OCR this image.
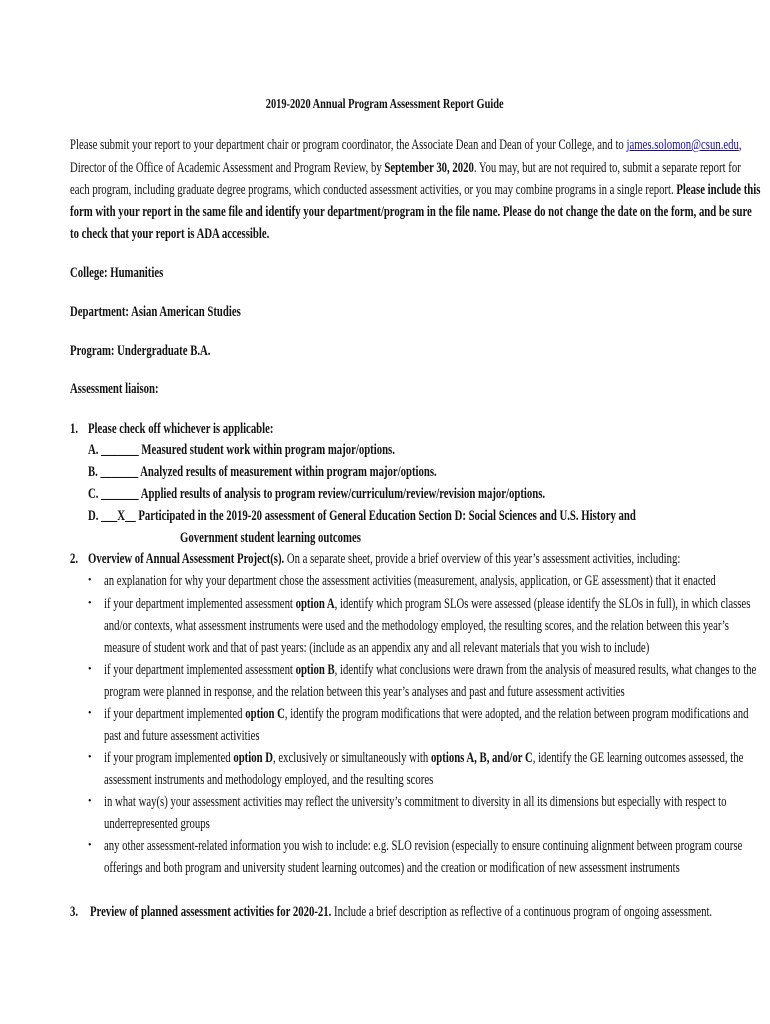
2019-2020 Annual Program Assessment Report Guide
Please submit your report to your department chair or program coordinator, the Associate Dean and Dean of your College, and to james.solomon@csun.edu,
Director of the Office of Academic Assessment and Program Review, by September 30, 2020. You may, but are not required to, submit a separate report for
each program, including graduate degree programs, which conducted assessment activities, or you may combine programs in a single report. Please include this
form with your report in the same file and identify your department/program in the file name. Please do not change the date on the form, and be sure
to check that your report is ADA accessible.
College: Humanities
Department: Asian American Studies
Program: Undergraduate B.A.
Assessment liaison:
1. Please check off whichever is applicable:
A. _______ Measured student work within program major/options.
B. _______ Analyzed results of measurement within program major/options.
C. _______ Applied results of analysis to program review/curriculum/review/revision major/options.
D. ___X__ Participated in the 2019-20 assessment of General Education Section D: Social Sciences and U.S. History and
Government student learning outcomes
2. Overview of Annual Assessment Project(s). On a separate sheet, provide a brief overview of this year’s assessment activities, including:
• an explanation for why your department chose the assessment activities (measurement, analysis, application, or GE assessment) that it enacted
• if your department implemented assessment option A, identify which program SLOs were assessed (please identify the SLOs in full), in which classes
and/or contexts, what assessment instruments were used and the methodology employed, the resulting scores, and the relation between this year’s
measure of student work and that of past years: (include as an appendix any and all relevant materials that you wish to include)
• if your department implemented assessment option B, identify what conclusions were drawn from the analysis of measured results, what changes to the
program were planned in response, and the relation between this year’s analyses and past and future assessment activities
• if your department implemented option C, identify the program modifications that were adopted, and the relation between program modifications and
past and future assessment activities
• if your program implemented option D, exclusively or simultaneously with options A, B, and/or C, identify the GE learning outcomes assessed, the
assessment instruments and methodology employed, and the resulting scores
• in what way(s) your assessment activities may reflect the university’s commitment to diversity in all its dimensions but especially with respect to
underrepresented groups
• any other assessment-related information you wish to include: e.g. SLO revision (especially to ensure continuing alignment between program course
offerings and both program and university student learning outcomes) and the creation or modification of new assessment instruments
3. Preview of planned assessment activities for 2020-21. Include a brief description as reflective of a continuous program of ongoing assessment.
